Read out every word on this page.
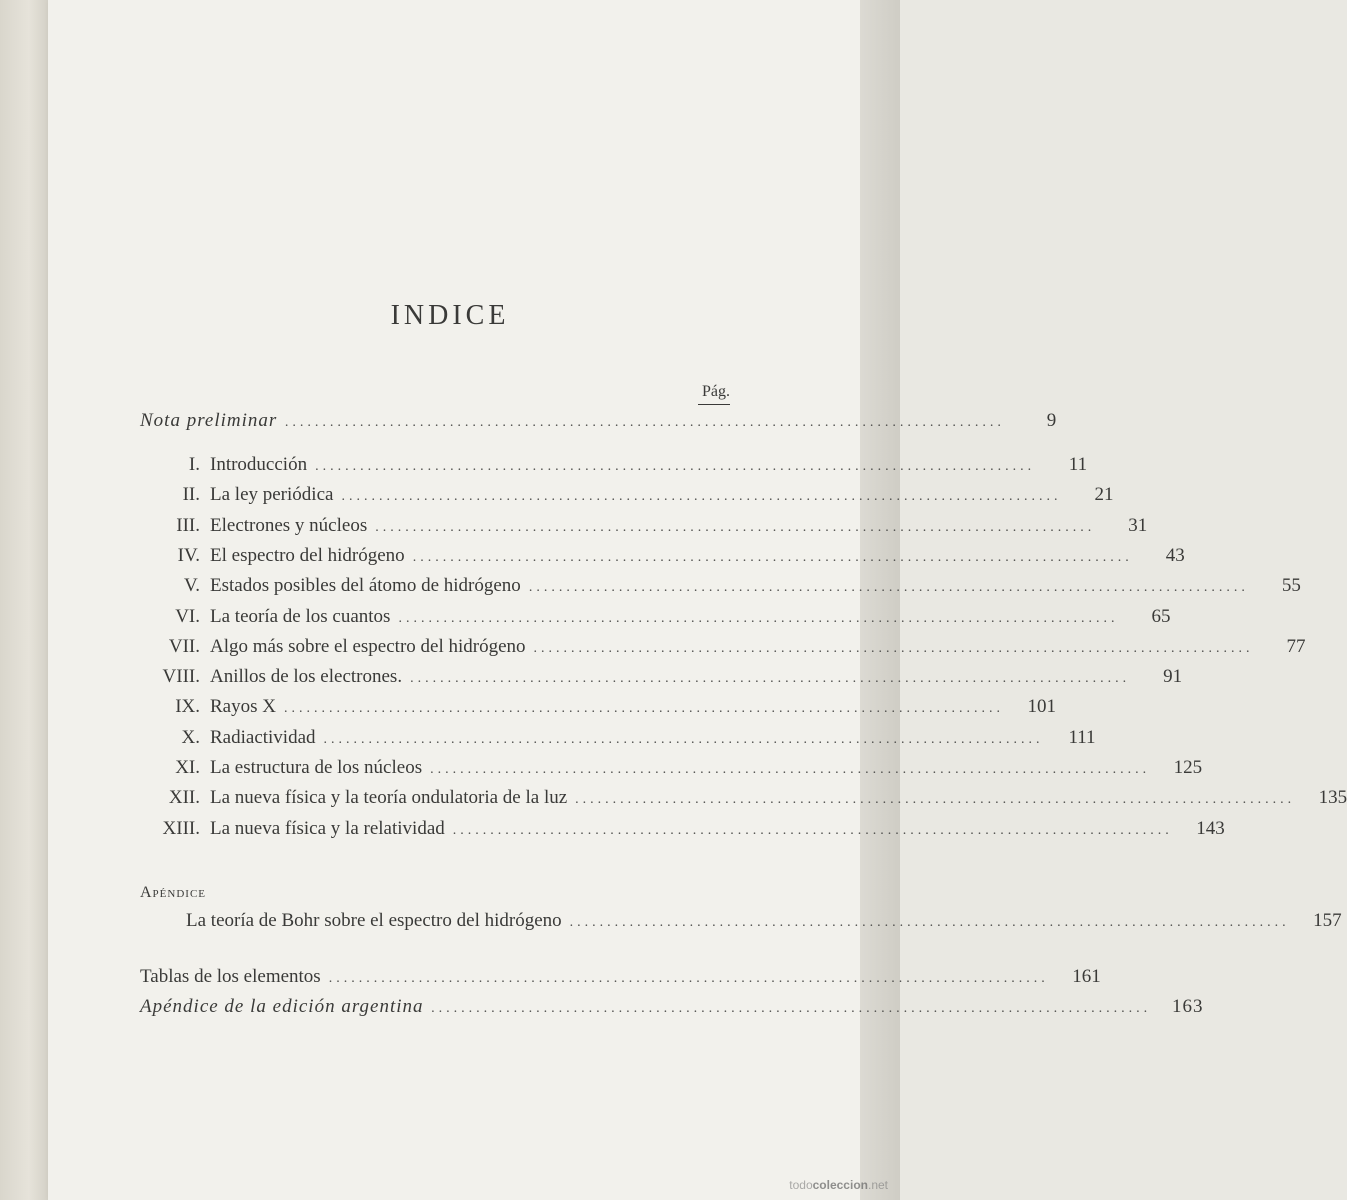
INDICE
Pág.
Nota preliminar ................................................................................................	9
I. Introducción ................................................................................................	11
II. La ley periódica ................................................................................................	21
III. Electrones y núcleos ................................................................................................	31
IV. El espectro del hidrógeno ................................................................................................	43
V. Estados posibles del átomo de hidrógeno ................................................................................................	55
VI. La teoría de los cuantos ................................................................................................	65
VII. Algo más sobre el espectro del hidrógeno ................................................................................................	77
VIII. Anillos de los electrones. ................................................................................................	91
IX. Rayos X ................................................................................................	101
X. Radiactividad ................................................................................................	111
XI. La estructura de los núcleos ................................................................................................	125
XII. La nueva física y la teoría ondulatoria de la luz ................................................................................................	135
XIII. La nueva física y la relatividad ................................................................................................	143
Apéndice
La teoría de Bohr sobre el espectro del hidrógeno ................................................................................................	157
Tablas de los elementos ................................................................................................	161
Apéndice de la edición argentina ................................................................................................	163
todocoleccion.net
